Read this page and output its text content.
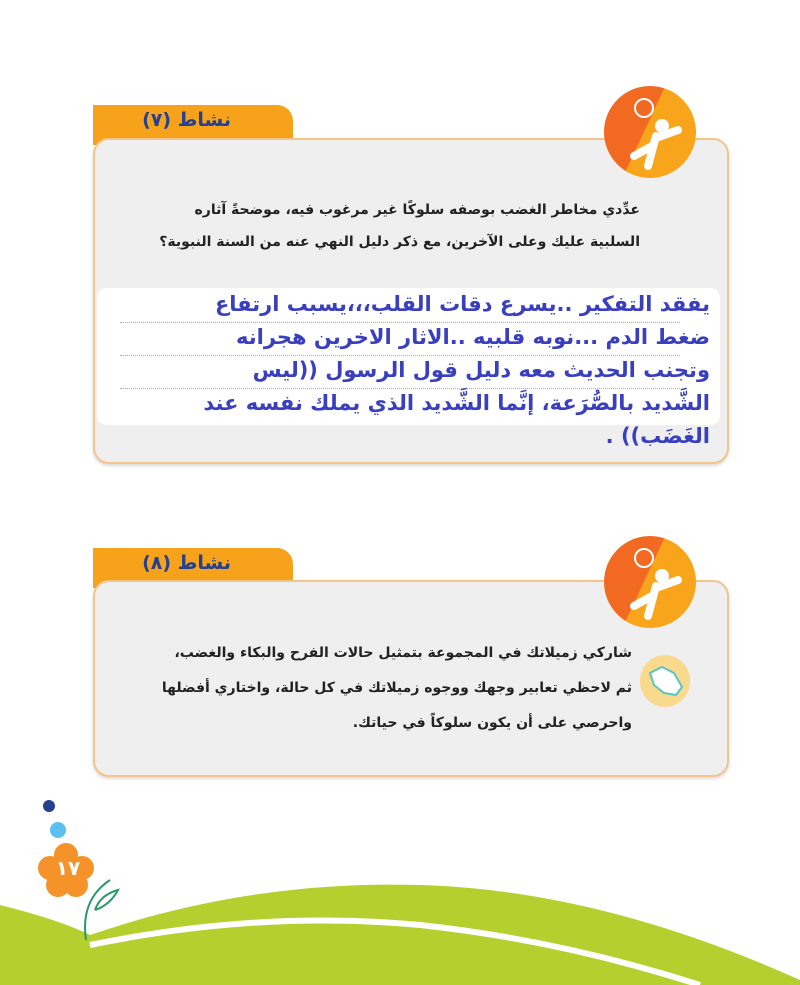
نشاط (٧)
عدِّدي مخاطر الغضب بوصفه سلوكًا غير مرغوب فيه، موضحةً آثاره
السلبية عليك وعلى الآخرين، مع ذكر دليل النهي عنه من السنة النبوية؟
يفقد التفكير ..يسرع دقات القلب،،،يسبب ارتفاع
ضغط الدم ...نوبه قلبيه ..الاثار الاخرين هجرانه
وتجنب الحديث معه دليل قول الرسول ((ليس
الشَّديد بالصُّرَعة، إنَّما الشَّديد الذي يملك نفسه عند
الغَضَب)) .
نشاط (٨)
شاركي زميلاتك في المجموعة بتمثيل حالات الفرح والبكاء والغضب،
ثم لاحظي تعابير وجهك ووجوه زميلاتك في كل حالة، واختاري أفضلها
واحرصي على أن يكون سلوكاً في حياتك.
١٧
